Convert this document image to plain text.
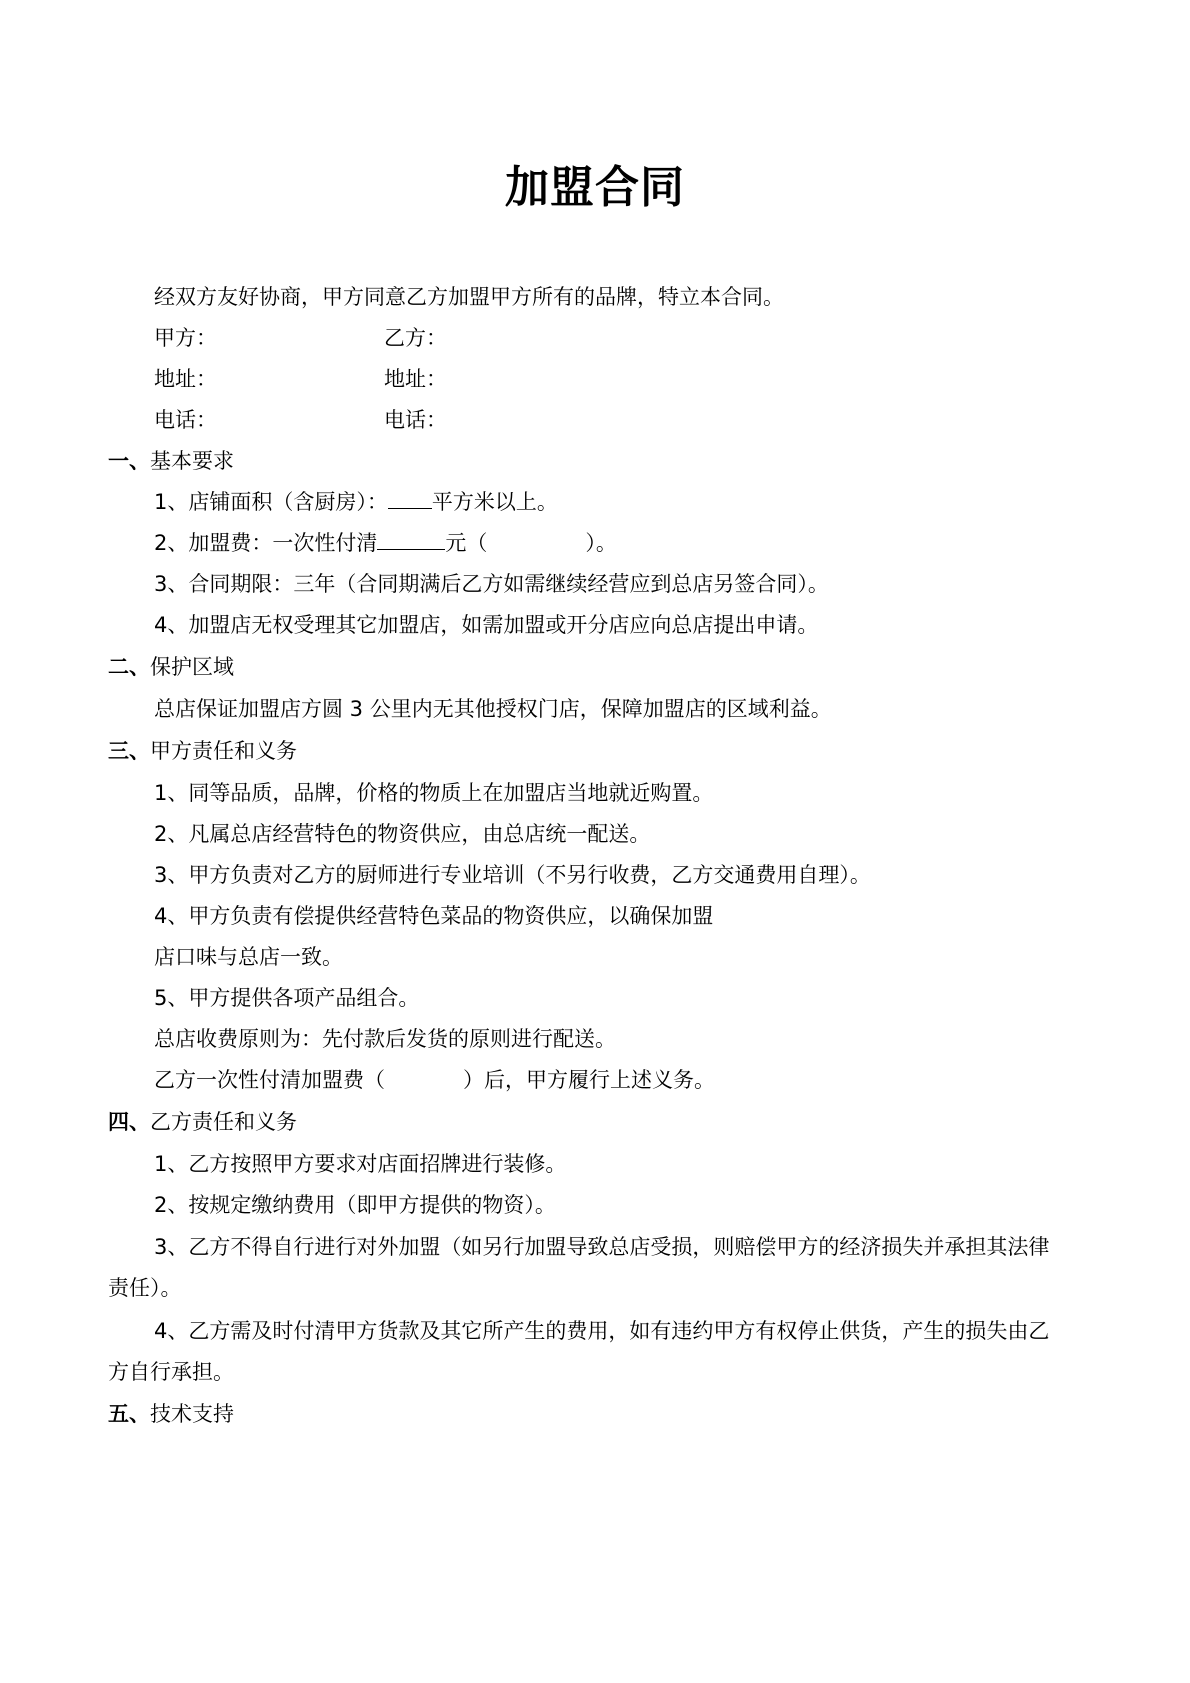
加盟合同
经双方友好协商，甲方同意乙方加盟甲方所有的品牌，特立本合同。
甲方：	乙方：
地址：	地址：
电话：	电话：
一、基本要求
1、店铺面积（含厨房）： 平方米以上。
2、加盟费：一次性付清	元（	）。
3、合同期限：三年（合同期满后乙方如需继续经营应到总店另签合同）。
4、加盟店无权受理其它加盟店，如需加盟或开分店应向总店提出申请。
二、保护区域
总店保证加盟店方圆 3 公里内无其他授权门店，保障加盟店的区域利益。
三、甲方责任和义务
1、同等品质，品牌，价格的物质上在加盟店当地就近购置。
2、凡属总店经营特色的物资供应，由总店统一配送。
3、甲方负责对乙方的厨师进行专业培训（不另行收费，乙方交通费用自理）。
4、甲方负责有偿提供经营特色菜品的物资供应，以确保加盟
店口味与总店一致。
5、甲方提供各项产品组合。
总店收费原则为：先付款后发货的原则进行配送。
乙方一次性付清加盟费（	）后，甲方履行上述义务。
四、乙方责任和义务
1、乙方按照甲方要求对店面招牌进行装修。
2、按规定缴纳费用（即甲方提供的物资）。
3、乙方不得自行进行对外加盟（如另行加盟导致总店受损，则赔偿甲方的经济损失并承担其法律
责任）。
4、乙方需及时付清甲方货款及其它所产生的费用，如有违约甲方有权停止供货，产生的损失由乙
方自行承担。
五、技术支持
